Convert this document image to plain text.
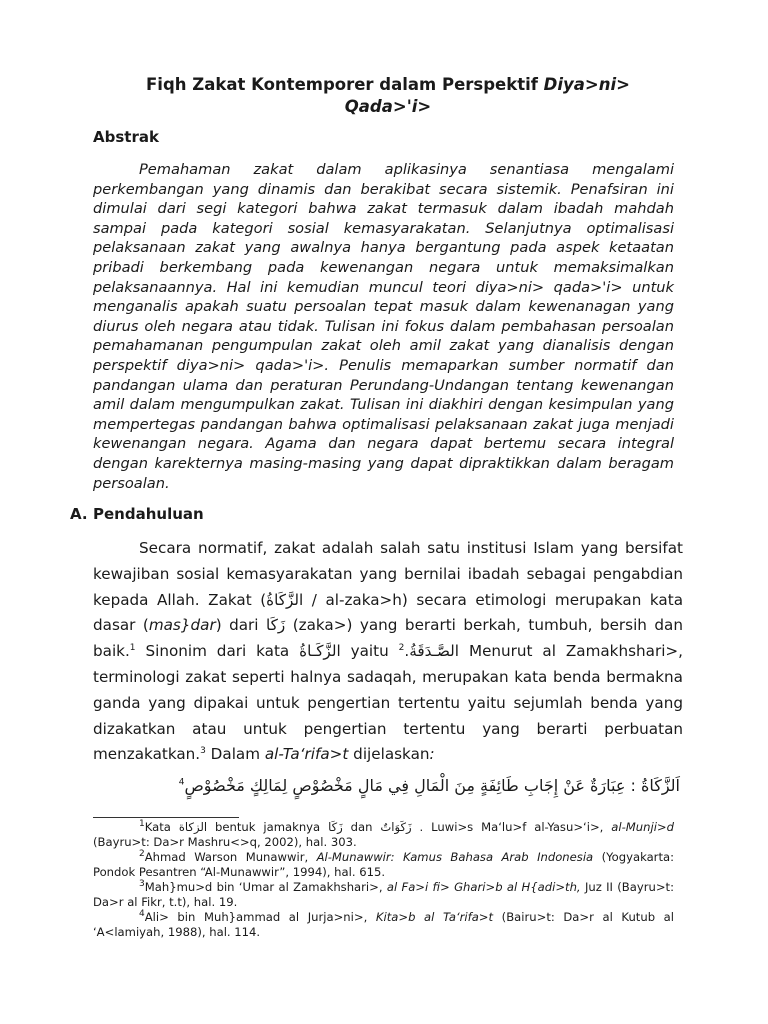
Fiqh Zakat Kontemporer dalam Perspektif Diya>ni>
Qada>'i>
Abstrak

Pemahaman zakat dalam aplikasinya senantiasa mengalami perkembangan yang dinamis dan berakibat secara sistemik. Penafsiran ini dimulai dari segi kategori bahwa zakat termasuk dalam ibadah mahdah sampai pada kategori sosial kemasyarakatan. Selanjutnya optimalisasi pelaksanaan zakat yang awalnya hanya bergantung pada aspek ketaatan pribadi berkembang pada kewenangan negara untuk memaksimalkan pelaksanaannya. Hal ini kemudian muncul teori diya>ni> qada>'i> untuk menganalis apakah suatu persoalan tepat masuk dalam kewenanagan yang diurus oleh negara atau tidak. Tulisan ini fokus dalam pembahasan persoalan pemahamanan pengumpulan zakat oleh amil zakat yang dianalisis dengan perspektif diya>ni> qada>'i>. Penulis memaparkan sumber normatif dan pandangan ulama dan peraturan Perundang-Undangan tentang kewenangan amil dalam mengumpulkan zakat. Tulisan ini diakhiri dengan kesimpulan yang mempertegas pandangan bahwa optimalisasi pelaksanaan zakat juga menjadi kewenangan negara. Agama dan negara dapat bertemu secara integral dengan karekternya masing-masing yang dapat dipraktikkan dalam beragam persoalan.

A. Pendahuluan

Secara normatif, zakat adalah salah satu institusi Islam yang bersifat kewajiban sosial kemasyarakatan yang bernilai ibadah sebagai pengabdian kepada Allah. Zakat (الزَّكَاةُ / al-zaka>h) secara etimologi merupakan kata dasar (mas}dar) dari زَكَا (zaka>) yang berarti berkah, tumbuh, bersih dan baik.$^1$ Sinonim dari kata الزَّكَـاةُ yaitu الصَّـدَقَةُ.$^2$	Menurut al Zamakhshari>, terminologi zakat seperti halnya sadaqah, merupakan kata benda bermakna ganda yang dipakai untuk pengertian tertentu yaitu sejumlah benda yang dizakatkan atau untuk pengertian tertentu yang berarti perbuatan menzakatkan.$^3$ Dalam al-Ta‘rifa>t dijelaskan:

اَلزَّكَاةُ : عِبَارَةٌ عَنْ إِجَابِ طَائِفَةٍ مِنَ الْمَالِ فِي مَالٍ مَخْصُوْصٍ لِمَالِكٍ مَخْصُوْصٍ$^4$

$^1$Kata الزكاة bentuk jamaknya زَكَا dan زَكَوَاتٌ . Luwi>s Ma‘lu>f al-Yasu>‘i>, al-Munji>d (Bayru>t: Da>r Mashru<>q, 2002), hal. 303.

$^2$Ahmad Warson Munawwir, Al-Munawwir: Kamus Bahasa Arab Indonesia (Yogyakarta: Pondok Pesantren “Al-Munawwir”, 1994), hal. 615.

$^3$Mah}mu>d bin ‘Umar al Zamakhshari>, al Fa>i fi> Ghari>b al H{adi>th, Juz II (Bayru>t: Da>r al Fikr, t.t), hal. 19.

$^4$Ali> bin Muh}ammad al Jurja>ni>, Kita>b al Ta‘rifa>t (Bairu>t: Da>r al Kutub al ‘A<lamiyah, 1988), hal. 114.
